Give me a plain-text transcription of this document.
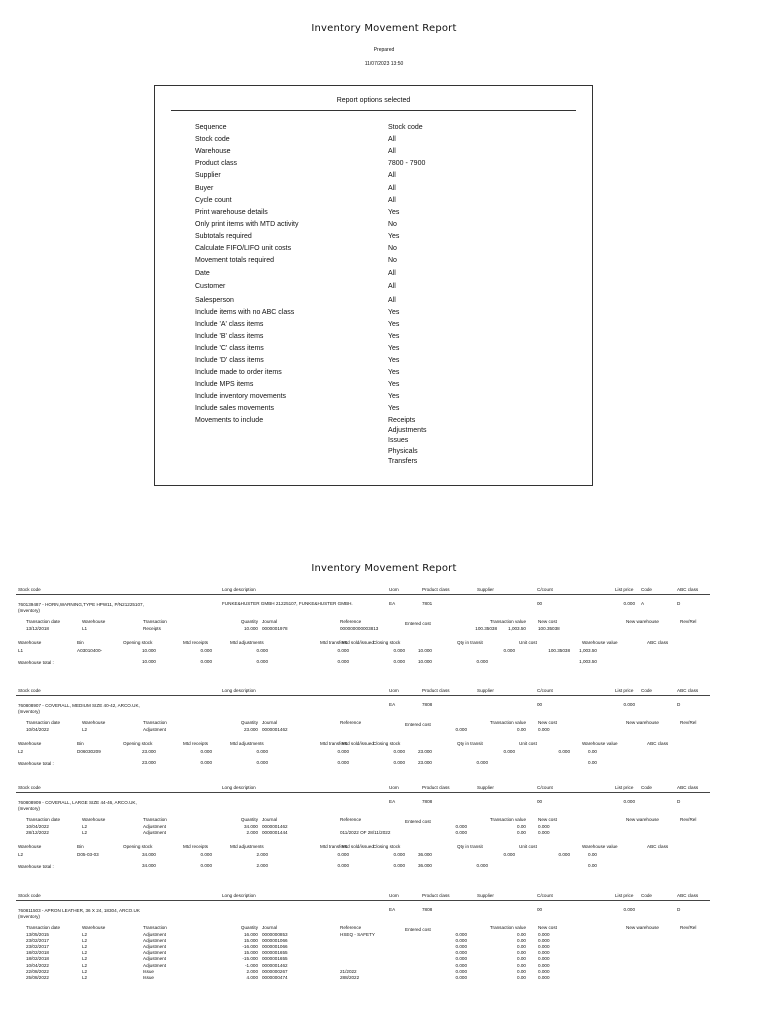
Inventory Movement Report
Prepared
11/07/2023 13:50
Report options selected
Sequence	Stock code
Stock code	All
Warehouse	All
Product class	7800 - 7900
Supplier	All
Buyer	All
Cycle count	All
Print warehouse details	Yes
Only print items with MTD activity	No
Subtotals required	Yes
Calculate FIFO/LIFO unit costs	No
Movement totals required	No
Date	All
Customer	All
Salesperson	All
Include items with no ABC class	Yes
Include 'A' class items	Yes
Include 'B' class items	Yes
Include 'C' class items	Yes
Include 'D' class items	Yes
Include made to order items	Yes
Include MPS items	Yes
Include inventory movements	Yes
Include sales movements	Yes
Movements to include	Receipts
Adjustments
Issues
Physicals
Transfers
Inventory Movement Report
Stock code	Long description	Uom	Product class	Supplier	C/count	List price Code	ABC class
760139487 - HORN,WARNING,TYPE HPW11, P/N21225107,
(Inventory)
FUNKE&HUSTER GMBH 21225107, FUNKE&HUSTER GMBH.	EA	7801	00	0.000 A	D
Transaction date	Warehouse	Transaction	Quantity Journal	Reference	Entered cost	Transaction value	New cost	New warehouse	Rev/Rel
13/12/2018	L1	Receipts	10.000 0000001978	000000000003813	100.35038	1,003.50	100.35038
Warehouse	Bin	Opening stock	Mtd receipts	Mtd adjustments	Mtd transfers
Mtd sold/issued Closing stock	Qty in transit	Unit cost	Warehouse value	ABC class
L1	A03010400-	10.000	0.000	0.000	0.000	0.000	10.000	0.000	100.35038	1,003.50
Warehouse total :	10.000	0.000	0.000	0.000	0.000	10.000	0.000	1,003.50
Stock code	Long description	Uom	Product class	Supplier	C/count	List price Code	ABC class
760808907 - COVERALL, MEDIUM SIZE 40-42, ARCO.UK,
(Inventory)
EA	7808	00	0.000	D
Transaction date	Warehouse	Transaction	Quantity Journal	Reference	Entered cost	Transaction value	New cost	New warehouse	Rev/Rel
10/04/2022	L2	Adjustment	23.000 0000001462	0.000	0.00	0.000
Warehouse	Bin	Opening stock	Mtd receipts	Mtd adjustments	Mtd transfers
Mtd sold/issued Closing stock	Qty in transit	Unit cost	Warehouse value	ABC class
L2	D06030209	23.000	0.000	0.000	0.000	0.000	23.000	0.000	0.000	0.00
Warehouse total :	23.000	0.000	0.000	0.000	0.000	23.000	0.000	0.00
Stock code	Long description	Uom	Product class	Supplier	C/count	List price Code	ABC class
760808909 - COVERALL, LARGE SIZE 44-46, ARCO.UK,
(Inventory)
EA	7808	00	0.000	D
Transaction date	Warehouse	Transaction	Quantity Journal	Reference	Entered cost	Transaction value	New cost	New warehouse	Rev/Rel
10/04/2022	L2	Adjustment	34.000 0000001462	0.000	0.00	0.000
28/12/2022	L2	Adjustment	2.000 0000001444	011/2022 OF 28/11/2022	0.000	0.00	0.000
Warehouse	Bin	Opening stock	Mtd receipts	Mtd adjustments	Mtd transfers
Mtd sold/issued Closing stock	Qty in transit	Unit cost	Warehouse value	ABC class
L2	D05-03-03	34.000	0.000	2.000	0.000	0.000	36.000	0.000	0.000	0.00
Warehouse total :	34.000	0.000	2.000	0.000	0.000	36.000	0.000	0.00
Stock code	Long description	Uom	Product class	Supplier	C/count	List price Code	ABC class
760811503 - APRON LEATHER, 36 X 24, 18304, ARCO.UK
(Inventory)
EA	7808	00	0.000	D
Transaction date	Warehouse	Transaction	Quantity Journal	Reference	Entered cost	Transaction value	New cost	New warehouse	Rev/Rel
13/05/2015	L2	Adjustment	16.000 0000000853	HSEQ - SAFETY	0.000	0.00	0.000
23/02/2017	L2	Adjustment	15.000 0000001066	0.000	0.00	0.000
23/02/2017	L2	Adjustment	-16.000 0000001066	0.000	0.00	0.000
18/02/2018	L2	Adjustment	15.000 0000001655	0.000	0.00	0.000
18/02/2018	L2	Adjustment	-15.000 0000001655	0.000	0.00	0.000
10/04/2022	L2	Adjustment	-1.000 0000001462	0.000	0.00	0.000
22/08/2022	L2	Issue	2.000 0000000267	21/2022	0.000	0.00	0.000
25/08/2022	L2	Issue	4.000 0000000474	288/2022	0.000	0.00	0.000
